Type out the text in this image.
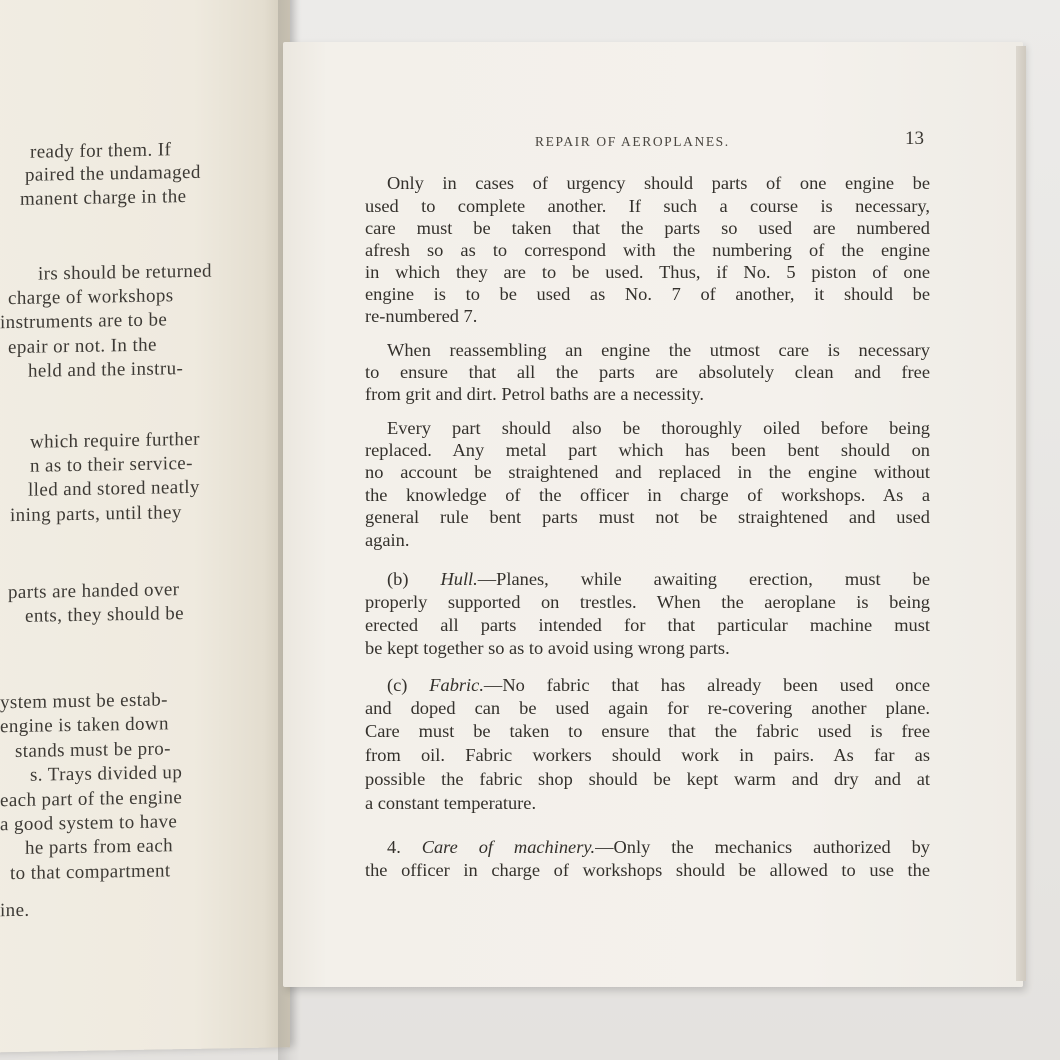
ready for them. If
paired the undamaged
manent charge in the
irs should be returned
charge of workshops
instruments are to be
epair or not. In the
held and the instru-
which require further
n as to their service-
lled and stored neatly
ining parts, until they
parts are handed over
ents, they should be
ystem must be estab-
engine is taken down
stands must be pro-
s. Trays divided up
each part of the engine
a good system to have
he parts from each
to that compartment
ine.
REPAIR OF AEROPLANES.	13
Only in cases of urgency should parts of one engine be
used to complete another. If such a course is necessary,
care must be taken that the parts so used are numbered
afresh so as to correspond with the numbering of the engine
in which they are to be used. Thus, if No. 5 piston of one
engine is to be used as No. 7 of another, it should be
re-numbered 7.
When reassembling an engine the utmost care is necessary
to ensure that all the parts are absolutely clean and free
from grit and dirt. Petrol baths are a necessity.
Every part should also be thoroughly oiled before being
replaced. Any metal part which has been bent should on
no account be straightened and replaced in the engine without
the knowledge of the officer in charge of workshops. As a
general rule bent parts must not be straightened and used
again.
(b) Hull.—Planes, while awaiting erection, must be
properly supported on trestles. When the aeroplane is being
erected all parts intended for that particular machine must
be kept together so as to avoid using wrong parts.
(c) Fabric.—No fabric that has already been used once
and doped can be used again for re-covering another plane.
Care must be taken to ensure that the fabric used is free
from oil. Fabric workers should work in pairs. As far as
possible the fabric shop should be kept warm and dry and at
a constant temperature.
4. Care of machinery.—Only the mechanics authorized by
the officer in charge of workshops should be allowed to use the
